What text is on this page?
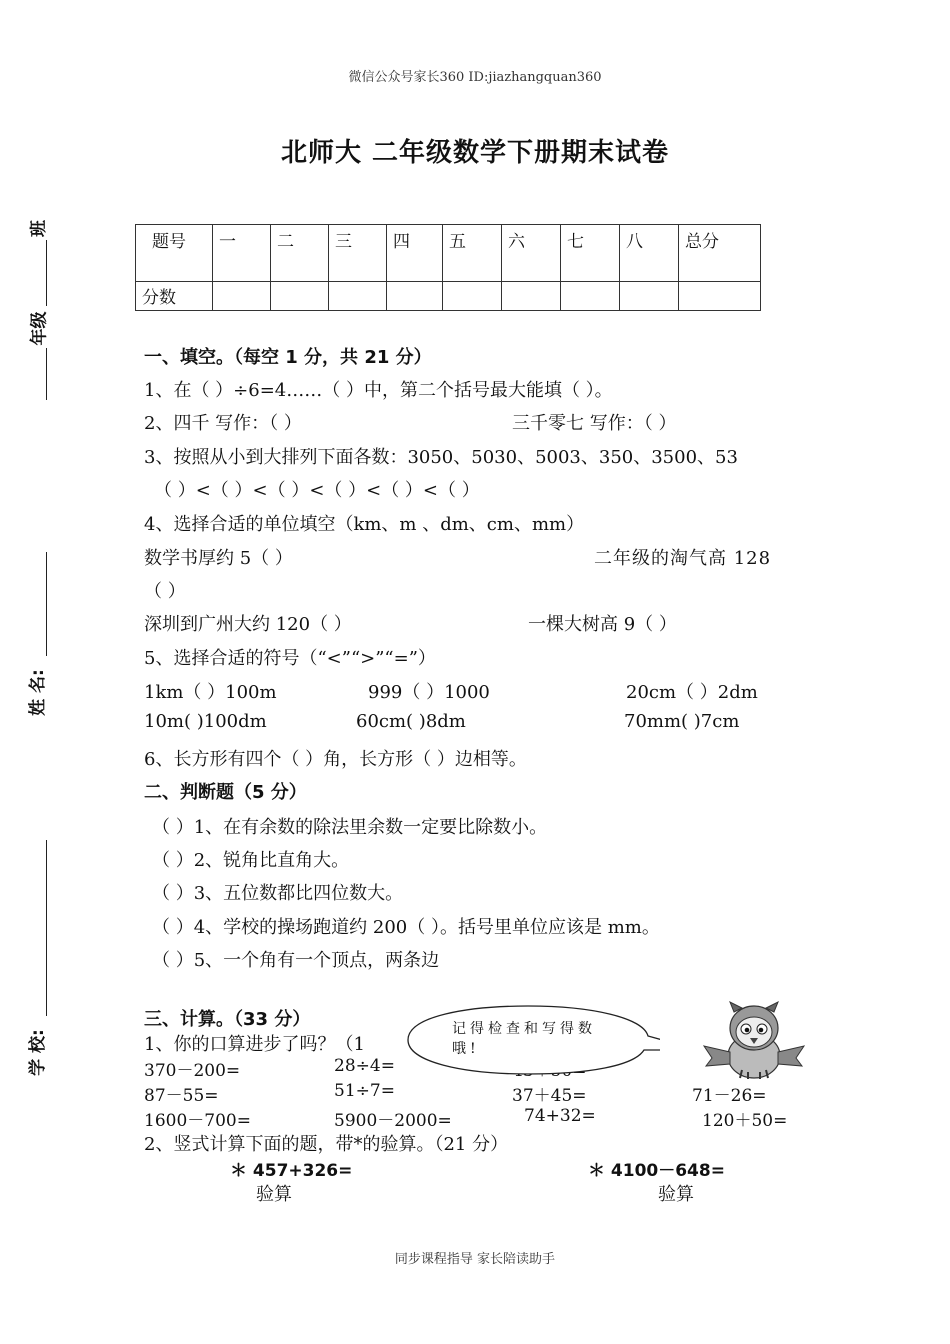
微信公众号家长360 ID:jiazhangquan360
北师大 二年级数学下册期末试卷
班
年级
姓 名:
学 校:
题号	一	二	三	四	五	六	七	八	总分
分数									
一、填空。（每空 1 分，共 21 分）
1、在（ ）÷6=4……（ ）中，第二个括号最大能填（ ）。
2、四千 写作：（ ）	三千零七 写作：（ ）
3、按照从小到大排列下面各数：3050、5030、5003、350、3500、53
（ ）<（ ）<（ ）<（ ）<（ ）<（ ）
4、选择合适的单位填空（km、m 、dm、cm、mm）
数学书厚约 5（ ）	二年级的淘气高 128
（ ）
深圳到广州大约 120（ ）	一棵大树高 9（ ）
5、选择合适的符号（“<”“>”“=”）
1km（ ）100m	999（ ）1000	20cm（ ）2dm
10m( )100dm	60cm( )8dm	70mm( )7cm
6、长方形有四个（ ）角，长方形（ ）边相等。
二、判断题（5 分）
（ ）1、在有余数的除法里余数一定要比除数小。
（ ）2、锐角比直角大。
（ ）3、五位数都比四位数大。
（ ）4、学校的操场跑道约 200（ ）。括号里单位应该是 mm。
（ ）5、一个角有一个顶点，两条边
三、计算。（33 分）
1、你的口算进步了吗？（1
370－200=	28÷4=
87－55=	51÷7=	37＋45=	71－26=
1600－700=	5900－2000=	74+32=	120＋50=
2、竖式计算下面的题，带*的验算。（21 分）
＊ 457+326=	＊ 4100－648=
验算	验算
记得检查和写得数哦!
同步课程指导 家长陪读助手
